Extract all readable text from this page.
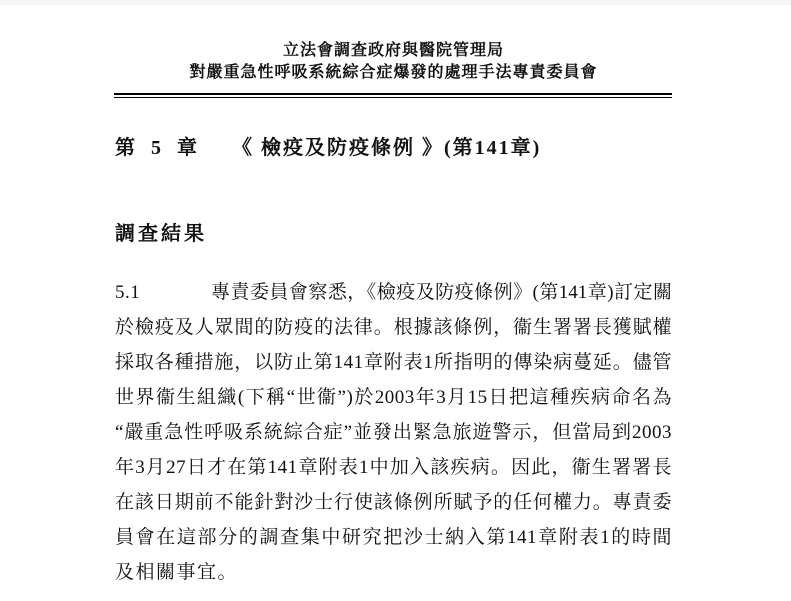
立法會調查政府與醫院管理局
對嚴重急性呼吸系統綜合症爆發的處理手法專責委員會
第 5 章 《 檢疫及防疫條例 》(第141章)
調查結果
5.1	專責委員會察悉，《檢疫及防疫條例》(第141章)訂定關
於檢疫及人眾間的防疫的法律。根據該條例，衞生署署長獲賦權
採取各種措施，以防止第141章附表1所指明的傳染病蔓延。儘管
世界衞生組織(下稱“世衞”)於2003年3月15日把這種疾病命名為
“嚴重急性呼吸系統綜合症”並發出緊急旅遊警示，但當局到2003
年3月27日才在第141章附表1中加入該疾病。因此，衞生署署長
在該日期前不能針對沙士行使該條例所賦予的任何權力。專責委
員會在這部分的調查集中研究把沙士納入第141章附表1的時間
及相關事宜。
